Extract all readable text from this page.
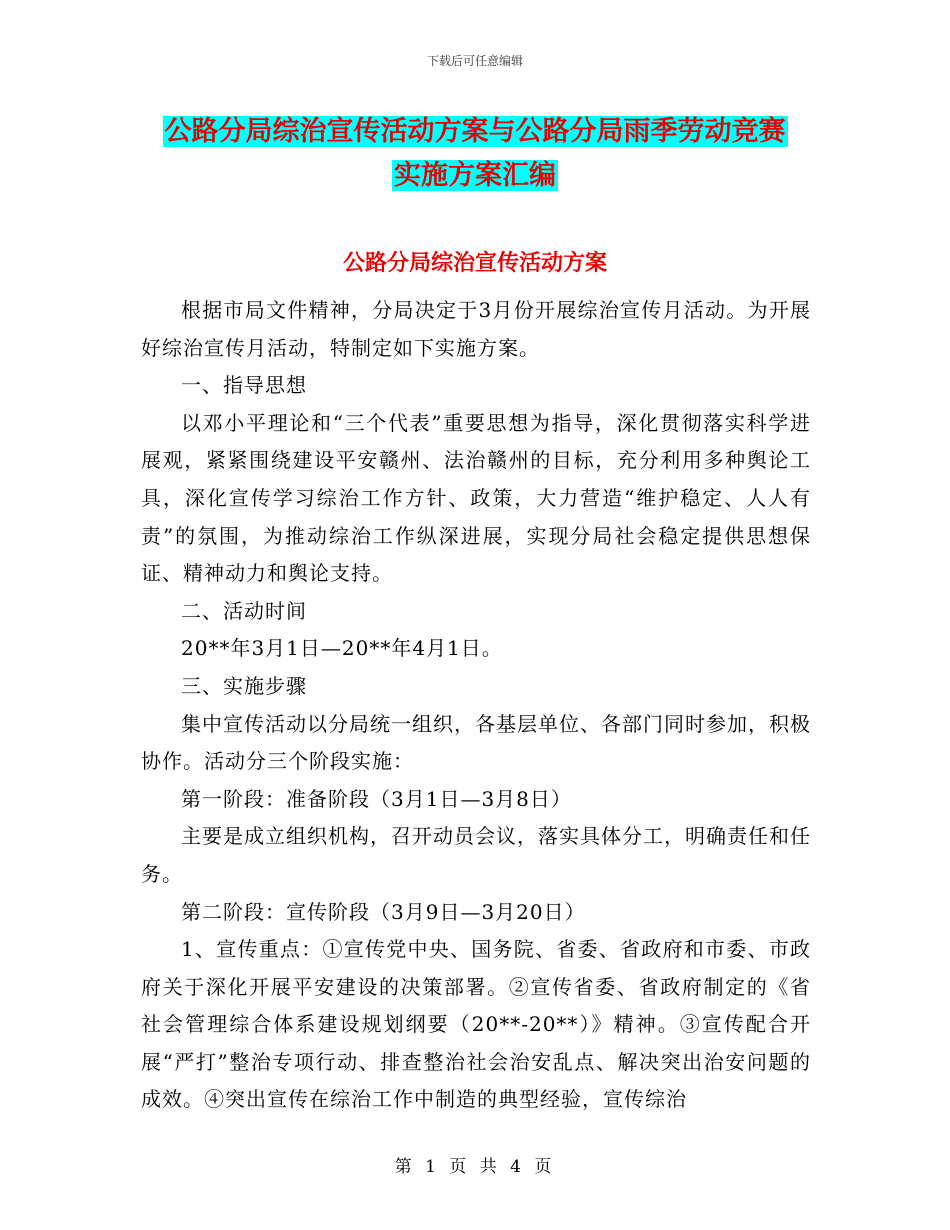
下载后可任意编辑
公路分局综治宣传活动方案与公路分局雨季劳动竞赛
实施方案汇编
公路分局综治宣传活动方案

根据市局文件精神，分局决定于3月份开展综治宣传月活动。为开展好综治宣传月活动，特制定如下实施方案。

一、指导思想

以邓小平理论和“三个代表”重要思想为指导，深化贯彻落实科学进展观，紧紧围绕建设平安赣州、法治赣州的目标，充分利用多种舆论工具，深化宣传学习综治工作方针、政策，大力营造“维护稳定、人人有责”的氛围，为推动综治工作纵深进展，实现分局社会稳定提供思想保证、精神动力和舆论支持。

二、活动时间

20**年3月1日—20**年4月1日。

三、实施步骤

集中宣传活动以分局统一组织，各基层单位、各部门同时参加，积极协作。活动分三个阶段实施：

第一阶段：准备阶段（3月1日—3月8日）

主要是成立组织机构，召开动员会议，落实具体分工，明确责任和任务。

第二阶段：宣传阶段（3月9日—3月20日）

1、宣传重点：①宣传党中央、国务院、省委、省政府和市委、市政府关于深化开展平安建设的决策部署。②宣传省委、省政府制定的《省社会管理综合体系建设规划纲要（20**-20**）》精神。③宣传配合开展“严打”整治专项行动、排查整治社会治安乱点、解决突出治安问题的成效。④突出宣传在综治工作中制造的典型经验，宣传综治

第 1 页 共 4 页
